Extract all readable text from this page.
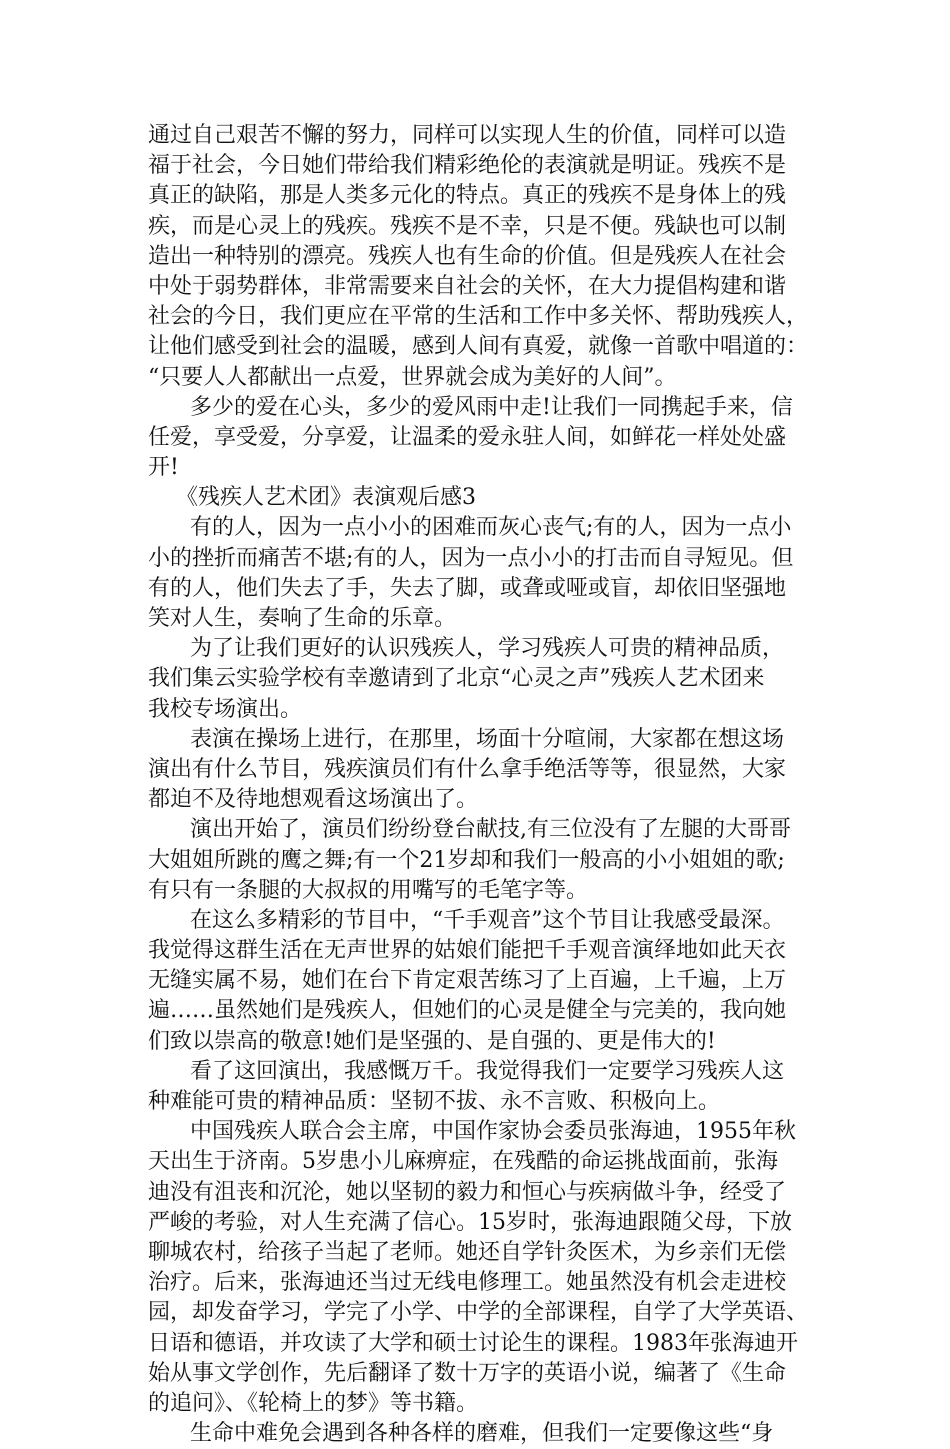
通过自己艰苦不懈的努力，同样可以实现人生的价值，同样可以造
福于社会，今日她们带给我们精彩绝伦的表演就是明证。残疾不是
真正的缺陷，那是人类多元化的特点。真正的残疾不是身体上的残
疾，而是心灵上的残疾。残疾不是不幸，只是不便。残缺也可以制
造出一种特别的漂亮。残疾人也有生命的价值。但是残疾人在社会
中处于弱势群体，非常需要来自社会的关怀，在大力提倡构建和谐
社会的今日，我们更应在平常的生活和工作中多关怀、帮助残疾人，
让他们感受到社会的温暖，感到人间有真爱，就像一首歌中唱道的：
“只要人人都献出一点爱，世界就会成为美好的人间”。
多少的爱在心头，多少的爱风雨中走!让我们一同携起手来，信
任爱，享受爱，分享爱，让温柔的爱永驻人间，如鲜花一样处处盛
开!
《残疾人艺术团》表演观后感3
有的人，因为一点小小的困难而灰心丧气;有的人，因为一点小
小的挫折而痛苦不堪;有的人，因为一点小小的打击而自寻短见。但
有的人，他们失去了手，失去了脚，或聋或哑或盲，却依旧坚强地
笑对人生，奏响了生命的乐章。
为了让我们更好的认识残疾人，学习残疾人可贵的精神品质，
我们集云实验学校有幸邀请到了北京“心灵之声”残疾人艺术团来
我校专场演出。
表演在操场上进行，在那里，场面十分喧闹，大家都在想这场
演出有什么节目，残疾演员们有什么拿手绝活等等，很显然，大家
都迫不及待地想观看这场演出了。
演出开始了，演员们纷纷登台献技,有三位没有了左腿的大哥哥
大姐姐所跳的鹰之舞;有一个21岁却和我们一般高的小小姐姐的歌;
有只有一条腿的大叔叔的用嘴写的毛笔字等。
在这么多精彩的节目中，“千手观音”这个节目让我感受最深。
我觉得这群生活在无声世界的姑娘们能把千手观音演绎地如此天衣
无缝实属不易，她们在台下肯定艰苦练习了上百遍，上千遍，上万
遍……虽然她们是残疾人，但她们的心灵是健全与完美的，我向她
们致以崇高的敬意!她们是坚强的、是自强的、更是伟大的!
看了这回演出，我感慨万千。我觉得我们一定要学习残疾人这
种难能可贵的精神品质：坚韧不拔、永不言败、积极向上。
中国残疾人联合会主席，中国作家协会委员张海迪，1955年秋
天出生于济南。5岁患小儿麻痹症，在残酷的命运挑战面前，张海
迪没有沮丧和沉沦，她以坚韧的毅力和恒心与疾病做斗争，经受了
严峻的考验，对人生充满了信心。15岁时，张海迪跟随父母，下放
聊城农村，给孩子当起了老师。她还自学针灸医术，为乡亲们无偿
治疗。后来，张海迪还当过无线电修理工。她虽然没有机会走进校
园，却发奋学习，学完了小学、中学的全部课程，自学了大学英语、
日语和德语，并攻读了大学和硕士讨论生的课程。1983年张海迪开
始从事文学创作，先后翻译了数十万字的英语小说，编著了《生命
的追问》、《轮椅上的梦》等书籍。
生命中难免会遇到各种各样的磨难，但我们一定要像这些“身
